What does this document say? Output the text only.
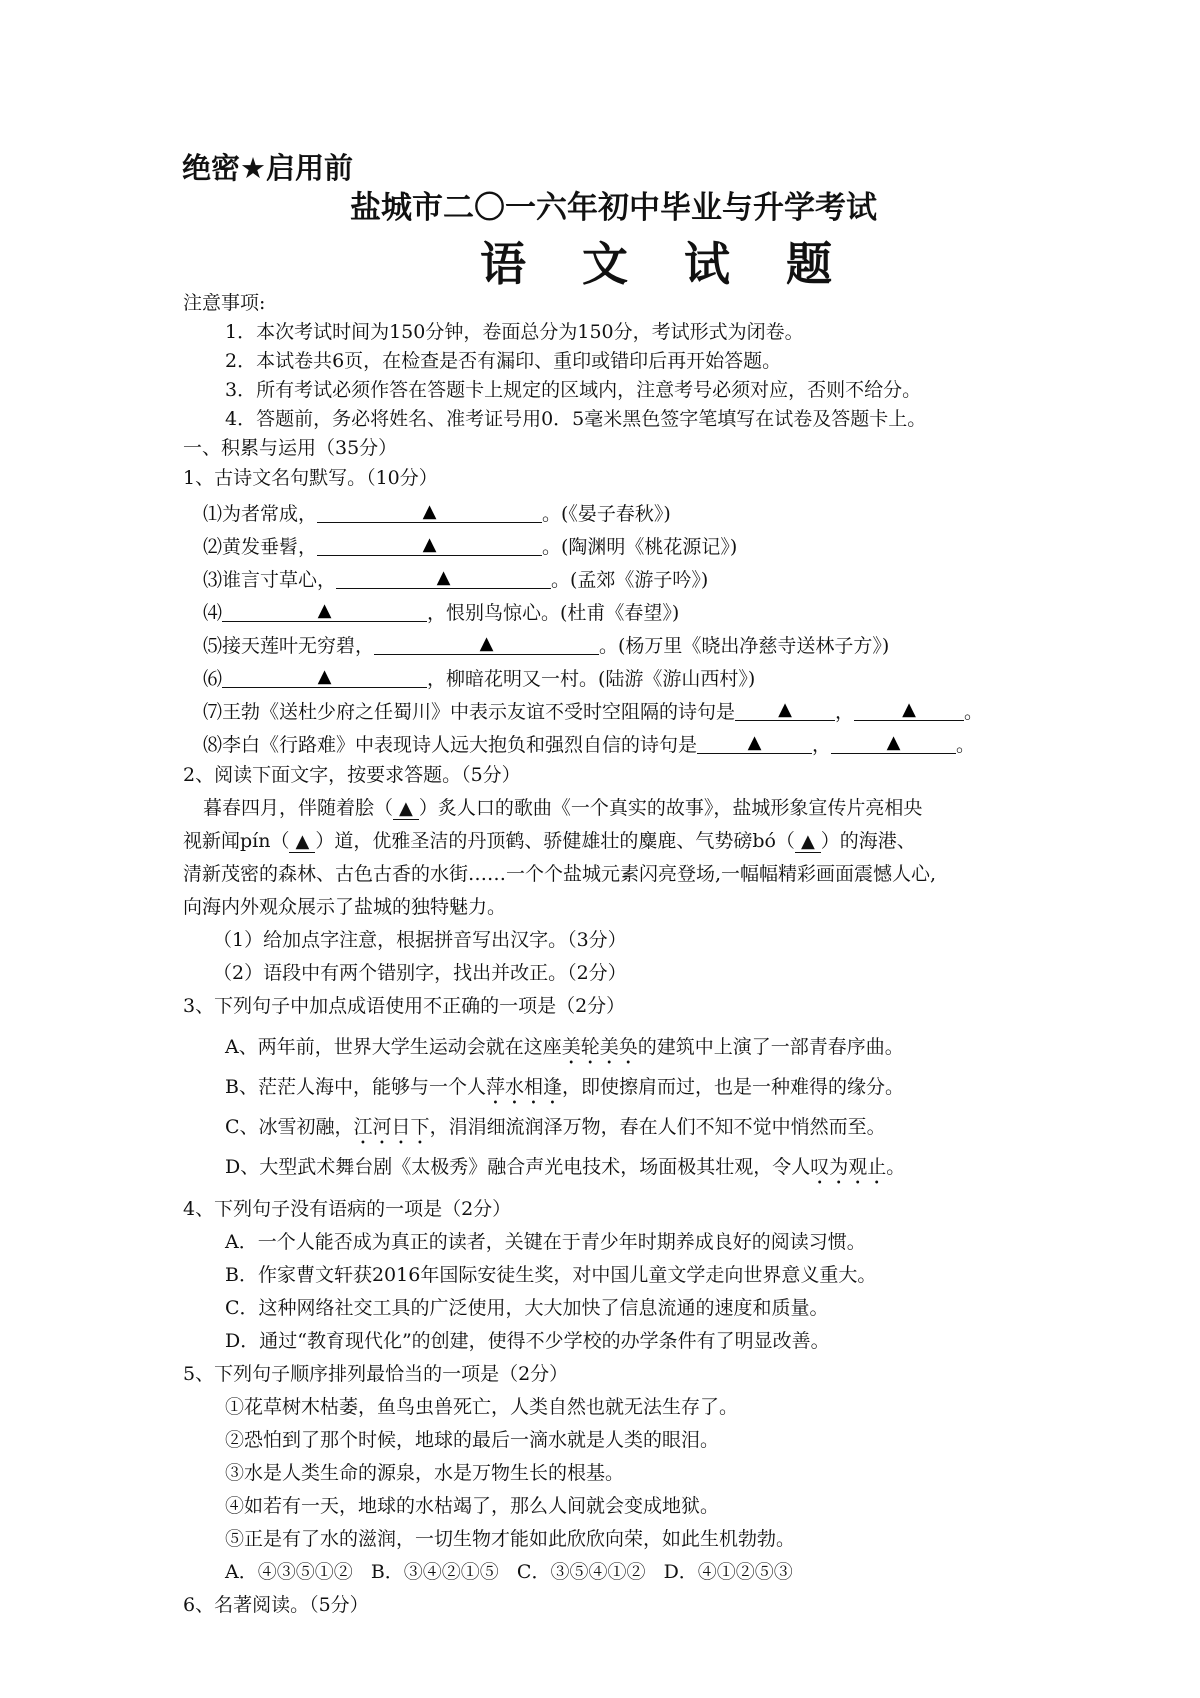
绝密★启用前
盐城市二〇一六年初中毕业与升学考试
语 文 试 题
注意事项:
1．本次考试时间为150分钟，卷面总分为150分，考试形式为闭卷。
2．本试卷共6页，在检查是否有漏印、重印或错印后再开始答题。
3．所有考试必须作答在答题卡上规定的区域内，注意考号必须对应，否则不给分。
4．答题前，务必将姓名、准考证号用0．5毫米黑色签字笔填写在试卷及答题卡上。
一、积累与运用（35分）
1、古诗文名句默写。（10分）
⑴为者常成，	▲	。(《晏子春秋》)
⑵黄发垂髫，	▲	。(陶渊明《桃花源记》)
⑶谁言寸草心，	▲	。(孟郊《游子吟》)
⑷	▲	，恨别鸟惊心。(杜甫《春望》)
⑸接天莲叶无穷碧，	▲	。(杨万里《晓出净慈寺送林子方》)
⑹	▲	，柳暗花明又一村。(陆游《游山西村》)
⑺王勃《送杜少府之任蜀川》中表示友谊不受时空阻隔的诗句是 ▲ ，	▲	。
⑻李白《行路难》中表现诗人远大抱负和强烈自信的诗句是	▲	，	▲	。
2、阅读下面文字，按要求答题。（5分）
暮春四月，伴随着脍（ ▲ ）炙人口的歌曲《一个真实的故事》，盐城形象宣传片亮相央
视新闻pín（ ▲ ）道，优雅圣洁的丹顶鹤、骄健雄壮的麋鹿、气势磅bó（ ▲ ）的海港、
清新茂密的森林、古色古香的水街……一个个盐城元素闪亮登场,一幅幅精彩画面震憾人心,
向海内外观众展示了盐城的独特魅力。
（1）给加点字注意，根据拼音写出汉字。（3分）
（2）语段中有两个错别字，找出并改正。（2分）
3、下列句子中加点成语使用不正确的一项是（2分）
A、两年前，世界大学生运动会就在这座美轮美奂的建筑中上演了一部青春序曲。
B、茫茫人海中，能够与一个人萍水相逢，即使擦肩而过，也是一种难得的缘分。
C、冰雪初融，江河日下，涓涓细流润泽万物，春在人们不知不觉中悄然而至。
D、大型武术舞台剧《太极秀》融合声光电技术，场面极其壮观，令人叹为观止。
4、下列句子没有语病的一项是（2分）
A．一个人能否成为真正的读者，关键在于青少年时期养成良好的阅读习惯。
B．作家曹文轩获2016年国际安徒生奖，对中国儿童文学走向世界意义重大。
C．这种网络社交工具的广泛使用，大大加快了信息流通的速度和质量。
D．通过“教育现代化”的创建，使得不少学校的办学条件有了明显改善。
5、下列句子顺序排列最恰当的一项是（2分）
①花草树木枯萎，鱼鸟虫兽死亡，人类自然也就无法生存了。
②恐怕到了那个时候，地球的最后一滴水就是人类的眼泪。
③水是人类生命的源泉，水是万物生长的根基。
④如若有一天，地球的水枯竭了，那么人间就会变成地狱。
⑤正是有了水的滋润，一切生物才能如此欣欣向荣，如此生机勃勃。
A．④③⑤①②   B．③④②①⑤   C．③⑤④①②   D．④①②⑤③
6、名著阅读。（5分）
